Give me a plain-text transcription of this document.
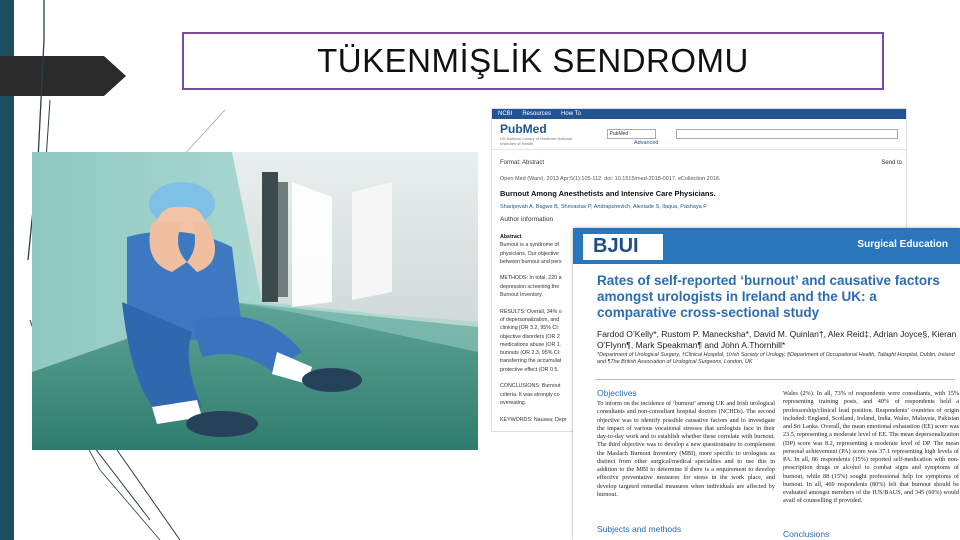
TÜKENMİŞLİK SENDROMU
NCBI Resources How To
PubMed
US National Library of Medicine National Institutes of Health
PubMed
Advanced
Format: Abstract	Send to
Open Med (Wars). 2013 Apr;5(1):105-112. doi: 10.1515/med-2018-0017. eCollection 2018.
Burnout Among Anesthetists and Intensive Care Physicians.
Sharipovah A, Bagwe B, Shrivastav P, Andrapshevich, Alexiade S, Ilaqua, Pashaya P
Author information
Abstract
Burnout is a syndrome of
physicians. Our objective
between burnout and pers
METHODS: In total, 220 a
depression screening the
Burnout Inventory.
RESULTS: Overall, 34% o
of depersonalization, and
clinking [OR 3.2, 95% CI:
objective disorders (OR 2
medications abuse (OR 1.
bunouts (OR 2.3, 95% CI:
transferring the accumulat
protective effect (OR 0.5,
CONCLUSIONS: Burnout
criteria. It was strongly co
overeating.
KEYWORDS: Nausea; Depr
BJUI
BJU International
Surgical Education
Rates of self-reported ‘burnout’ and causative factors amongst urologists in Ireland and the UK: a comparative cross-sectional study
Fardod O’Kelly*, Rustom P. Manecksha*, David M. Quinlan†, Alex Reid‡, Adrian Joyce§, Kieran O’Flynn¶, Mark Speakman¶ and John A.Thornhill*
*Department of Urological Surgery, †Clinical Hospital, ‡Irish Society of Urology, §Department of Occupational Health, Tallaght Hospital, Dublin, Ireland and ¶The British Association of Urological Surgeons, London, UK
Objectives
To inform on the incidence of ‘burnout’ among UK and Irish urological consultants and non-consultant hospital doctors (NCHDs). The second objective was to identify possible causative factors and to investigate the impact of various vocational stresses that urologists face in their day-to-day work and to establish whether these correlate with burnout. The third objective was to develop a new questionnaire to complement the Maslach Burnout Inventory (MBI), more specific to urologists as distinct from other surgical/medical specialties and to use this in addition to the MBI to determine if there is a requirement to develop effective preventative measures for stress in the work place, and develop targeted remedial measures when individuals are affected by burnout.
Subjects and methods
Wales (2%). In all, 73% of respondents were consultants, with 15% representing training posts, and 40% of respondents held a professorship/clinical lead position. Respondents’ countries of origin included: England, Scotland, Ireland, India, Wales, Malaysia, Pakistan and Sri Lanka. Overall, the mean emotional exhaustion (EE) score was 23.5, representing a moderate level of EE. The mean depersonalization (DP) score was 8.2, representing a moderate level of DP. The mean personal achievement (PA) score was 37.1 representing high levels of PA. In all, 86 respondents (15%) reported self-medication with non-prescription drugs or alcohol to combat signs and symptoms of burnout, while 88 (15%) sought professional help for symptoms of burnout. In all, 469 respondents (80%) felt that burnout should be evaluated amongst members of the IUS/BAUS, and 345 (60%) would avail of counselling if provided.
Conclusions
